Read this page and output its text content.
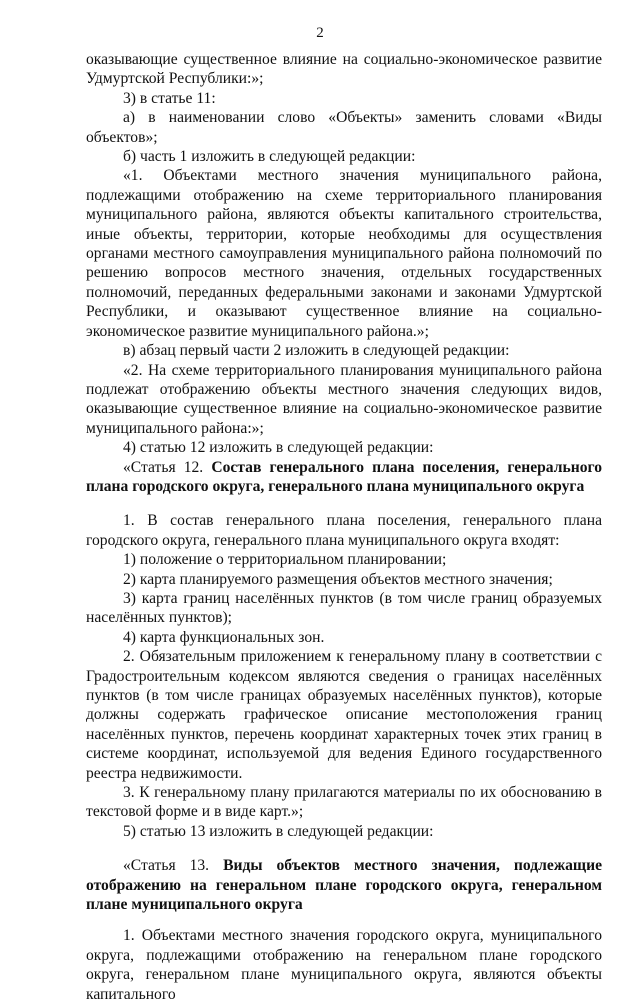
2

оказывающие существенное влияние на социально-экономическое развитие Удмуртской Республики:»;

3) в статье 11:

а) в наименовании слово «Объекты» заменить словами «Виды объектов»;

б) часть 1 изложить в следующей редакции:

«1. Объектами местного значения муниципального района, подлежащими отображению на схеме территориального планирования муниципального района, являются объекты капитального строительства, иные объекты, территории, которые необходимы для осуществления органами местного самоуправления муниципального района полномочий по решению вопросов местного значения, отдельных государственных полномочий, переданных федеральными законами и законами Удмуртской Республики, и оказывают существенное влияние на социально-экономическое развитие муниципального района.»;

в) абзац первый части 2 изложить в следующей редакции:

«2. На схеме территориального планирования муниципального района подлежат отображению объекты местного значения следующих видов, оказывающие существенное влияние на социально-экономическое развитие муниципального района:»;

4) статью 12 изложить в следующей редакции:

«Статья 12. Состав генерального плана поселения, генерального плана городского округа, генерального плана муниципального округа

1. В состав генерального плана поселения, генерального плана городского округа, генерального плана муниципального округа входят:

1) положение о территориальном планировании;

2) карта планируемого размещения объектов местного значения;

3) карта границ населённых пунктов (в том числе границ образуемых населённых пунктов);

4) карта функциональных зон.

2. Обязательным приложением к генеральному плану в соответствии с Градостроительным кодексом являются сведения о границах населённых пунктов (в том числе границах образуемых населённых пунктов), которые должны содержать графическое описание местоположения границ населённых пунктов, перечень координат характерных точек этих границ в системе координат, используемой для ведения Единого государственного реестра недвижимости.

3. К генеральному плану прилагаются материалы по их обоснованию в текстовой форме и в виде карт.»;

5) статью 13 изложить в следующей редакции:

«Статья 13. Виды объектов местного значения, подлежащие отображению на генеральном плане городского округа, генеральном плане муниципального округа

1. Объектами местного значения городского округа, муниципального округа, подлежащими отображению на генеральном плане городского округа, генеральном плане муниципального округа, являются объекты капитального
